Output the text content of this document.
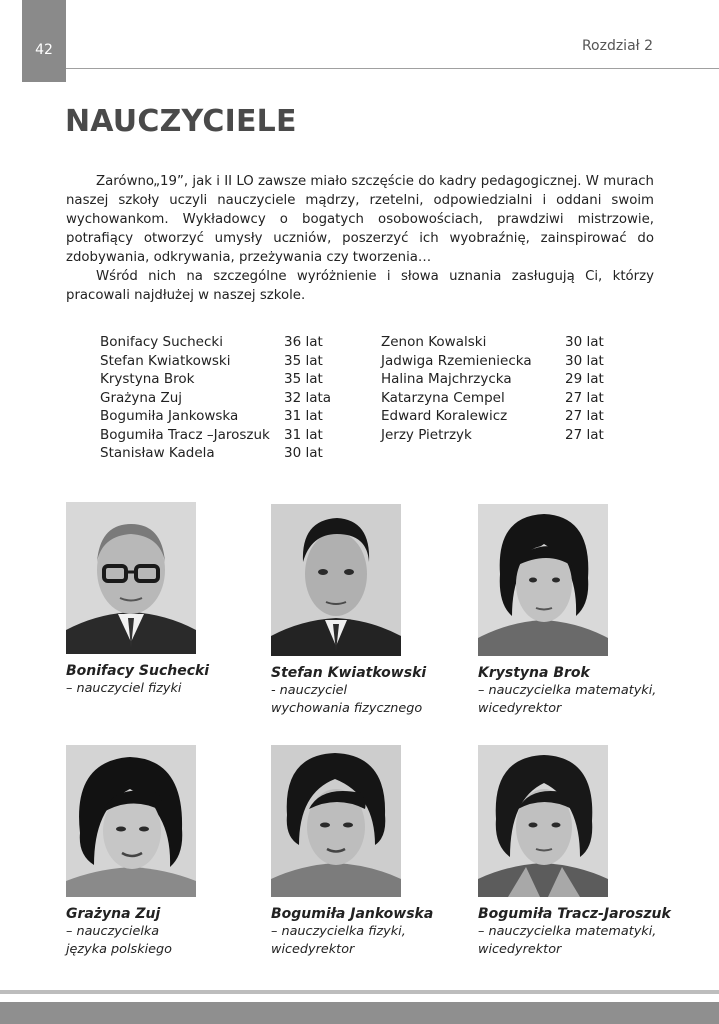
42	Rozdział 2
NAUCZYCIELE

Zarówno„19”, jak i II LO zawsze miało szczęście do kadry pedagogicznej. W murach naszej szkoły uczyli nauczyciele mądrzy, rzetelni, odpowiedzialni i oddani swoim wychowankom. Wykładowcy o bogatych osobowościach, prawdziwi mistrzowie, potrafiący otworzyć umysły uczniów, poszerzyć ich wyobraźnię, zainspirować do zdobywania, odkrywania, przeżywania czy tworzenia…

Wśród nich na szczególne wyróżnienie i słowa uznania zasługują Ci, którzy pracowali najdłużej w naszej szkole.

Bonifacy Suchecki	36 lat
Stefan Kwiatkowski	35 lat
Krystyna Brok	35 lat
Grażyna Zuj	32 lata
Bogumiła Jankowska	31 lat
Bogumiła Tracz –Jaroszuk	31 lat
Stanisław Kadela	30 lat
Zenon Kowalski	30 lat
Jadwiga Rzemieniecka	30 lat
Halina Majchrzycka	29 lat
Katarzyna Cempel	27 lat
Edward Koralewicz	27 lat
Jerzy Pietrzyk	27 lat
Bonifacy Suchecki
– nauczyciel fizyki
Stefan Kwiatkowski
- nauczyciel
wychowania fizycznego
Krystyna Brok
– nauczycielka matematyki,
wicedyrektor
Grażyna Zuj
– nauczycielka
języka polskiego
Bogumiła Jankowska
– nauczycielka fizyki,
wicedyrektor
Bogumiła Tracz-Jaroszuk
– nauczycielka matematyki,
wicedyrektor
